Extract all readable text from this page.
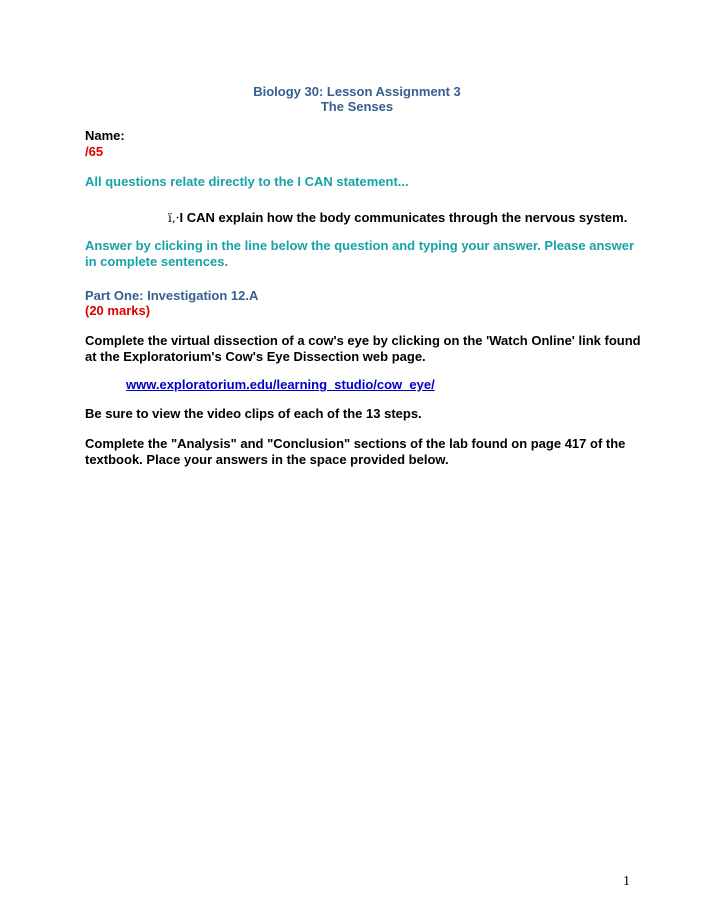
Biology 30: Lesson Assignment 3

The Senses

Name:

/65

All questions relate directly to the I CAN statement...

ï‚·I CAN explain how the body communicates through the nervous system.

Answer by clicking in the line below the question and typing your answer. Please answer in complete sentences.

Part One: Investigation 12.A

(20 marks)

Complete the virtual dissection of a cow's eye by clicking on the 'Watch Online' link found at the Exploratorium's Cow's Eye Dissection web page.

www.exploratorium.edu/learning_studio/cow_eye/

Be sure to view the video clips of each of the 13 steps.

Complete the "Analysis" and "Conclusion" sections of the lab found on page 417 of the textbook. Place your answers in the space provided below.

1
